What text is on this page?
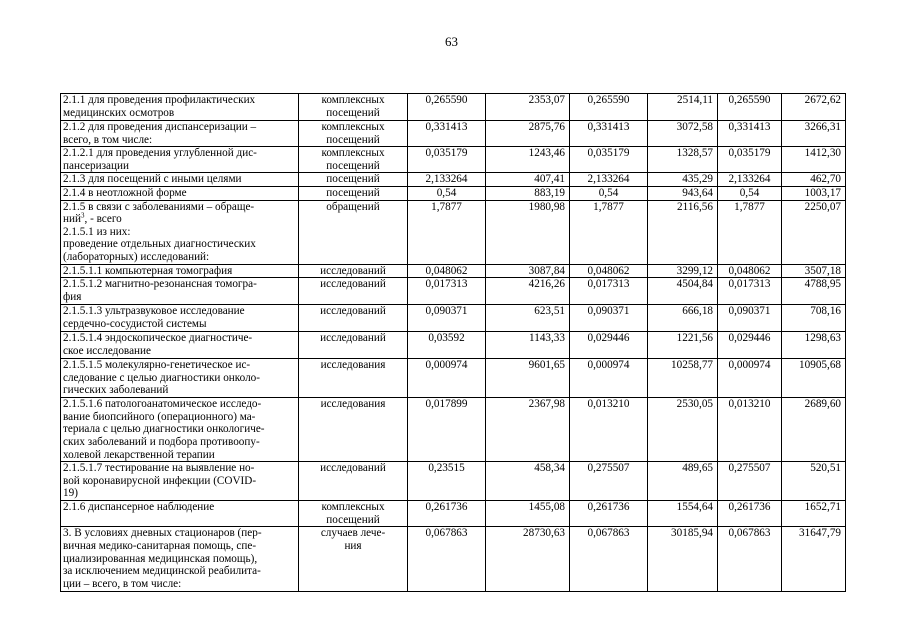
63
2.1.1 для проведения профилактических
медицинских осмотров	комплексных
посещений	0,265590	2353,07	0,265590	2514,11	0,265590	2672,62

2.1.2 для проведения диспансеризации –
всего, в том числе:	комплексных
посещений	0,331413	2875,76	0,331413	3072,58	0,331413	3266,31

2.1.2.1 для проведения углубленной дис-
пансеризации	комплексных
посещений	0,035179	1243,46	0,035179	1328,57	0,035179	1412,30

2.1.3 для посещений с иными целями	посещений	2,133264	407,41	2,133264	435,29	2,133264	462,70

2.1.4 в неотложной форме	посещений	0,54	883,19	0,54	943,64	0,54	1003,17

2.1.5 в связи с заболеваниями – обраще-
ний$^3$, - всего
2.1.5.1 из них:
проведение отдельных диагностических
(лабораторных) исследований:	обращений	1,7877	1980,98	1,7877	2116,56	1,7877	2250,07

2.1.5.1.1 компьютерная томография	исследований	0,048062	3087,84	0,048062	3299,12	0,048062	3507,18

2.1.5.1.2 магнитно-резонансная томогра-
фия	исследований	0,017313	4216,26	0,017313	4504,84	0,017313	4788,95

2.1.5.1.3 ультразвуковое исследование
сердечно-сосудистой системы	исследований	0,090371	623,51	0,090371	666,18	0,090371	708,16

2.1.5.1.4 эндоскопическое диагностиче-
ское исследование	исследований	0,03592	1143,33	0,029446	1221,56	0,029446	1298,63

2.1.5.1.5 молекулярно-генетическое ис-
следование с целью диагностики онколо-
гических заболеваний	исследования	0,000974	9601,65	0,000974	10258,77	0,000974	10905,68

2.1.5.1.6 патологоанатомическое исследо-
вание биопсийного (операционного) ма-
териала с целью диагностики онкологиче-
ских заболеваний и подбора противоопу-
холевой лекарственной терапии	исследования	0,017899	2367,98	0,013210	2530,05	0,013210	2689,60

2.1.5.1.7 тестирование на выявление но-
вой коронавирусной инфекции (COVID-
19)	исследований	0,23515	458,34	0,275507	489,65	0,275507	520,51

2.1.6 диспансерное наблюдение	комплексных
посещений	0,261736	1455,08	0,261736	1554,64	0,261736	1652,71

3. В условиях дневных стационаров (пер-
вичная медико-санитарная помощь, спе-
циализированная медицинская помощь),
за исключением медицинской реабилита-
ции – всего, в том числе:	случаев лече-
ния	0,067863	28730,63	0,067863	30185,94	0,067863	31647,79
